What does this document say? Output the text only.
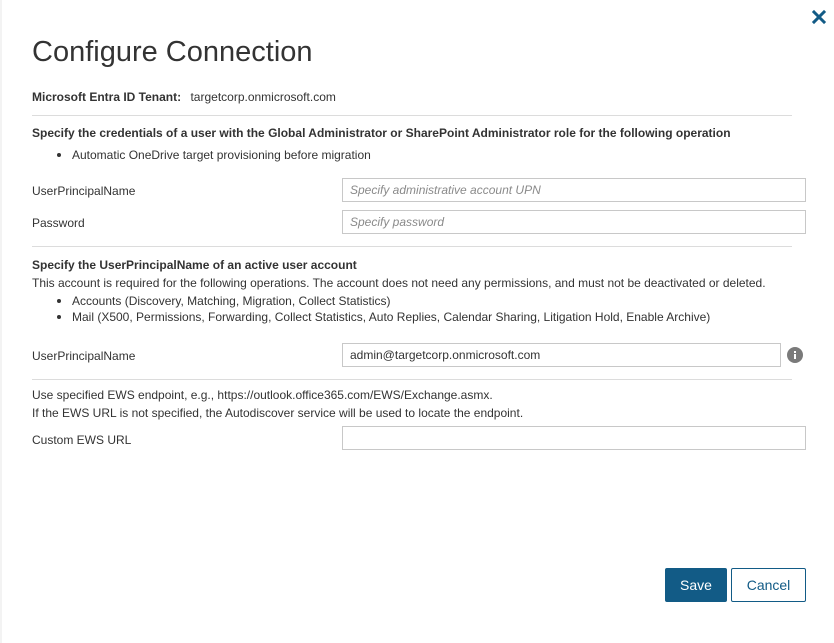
Configure Connection
Microsoft Entra ID Tenant: targetcorp.onmicrosoft.com
Specify the credentials of a user with the Global Administrator or SharePoint Administrator role for the following operation
Automatic OneDrive target provisioning before migration
UserPrincipalName
Specify administrative account UPN
Password
Specify the UserPrincipalName of an active user account
This account is required for the following operations. The account does not need any permissions, and must not be deactivated or deleted.
Accounts (Discovery, Matching, Migration, Collect Statistics)
Mail (X500, Permissions, Forwarding, Collect Statistics, Auto Replies, Calendar Sharing, Litigation Hold, Enable Archive)
UserPrincipalName
admin@targetcorp.onmicrosoft.com
Use specified EWS endpoint, e.g., https://outlook.office365.com/EWS/Exchange.asmx.
If the EWS URL is not specified, the Autodiscover service will be used to locate the endpoint.
Custom EWS URL
Save	Cancel
